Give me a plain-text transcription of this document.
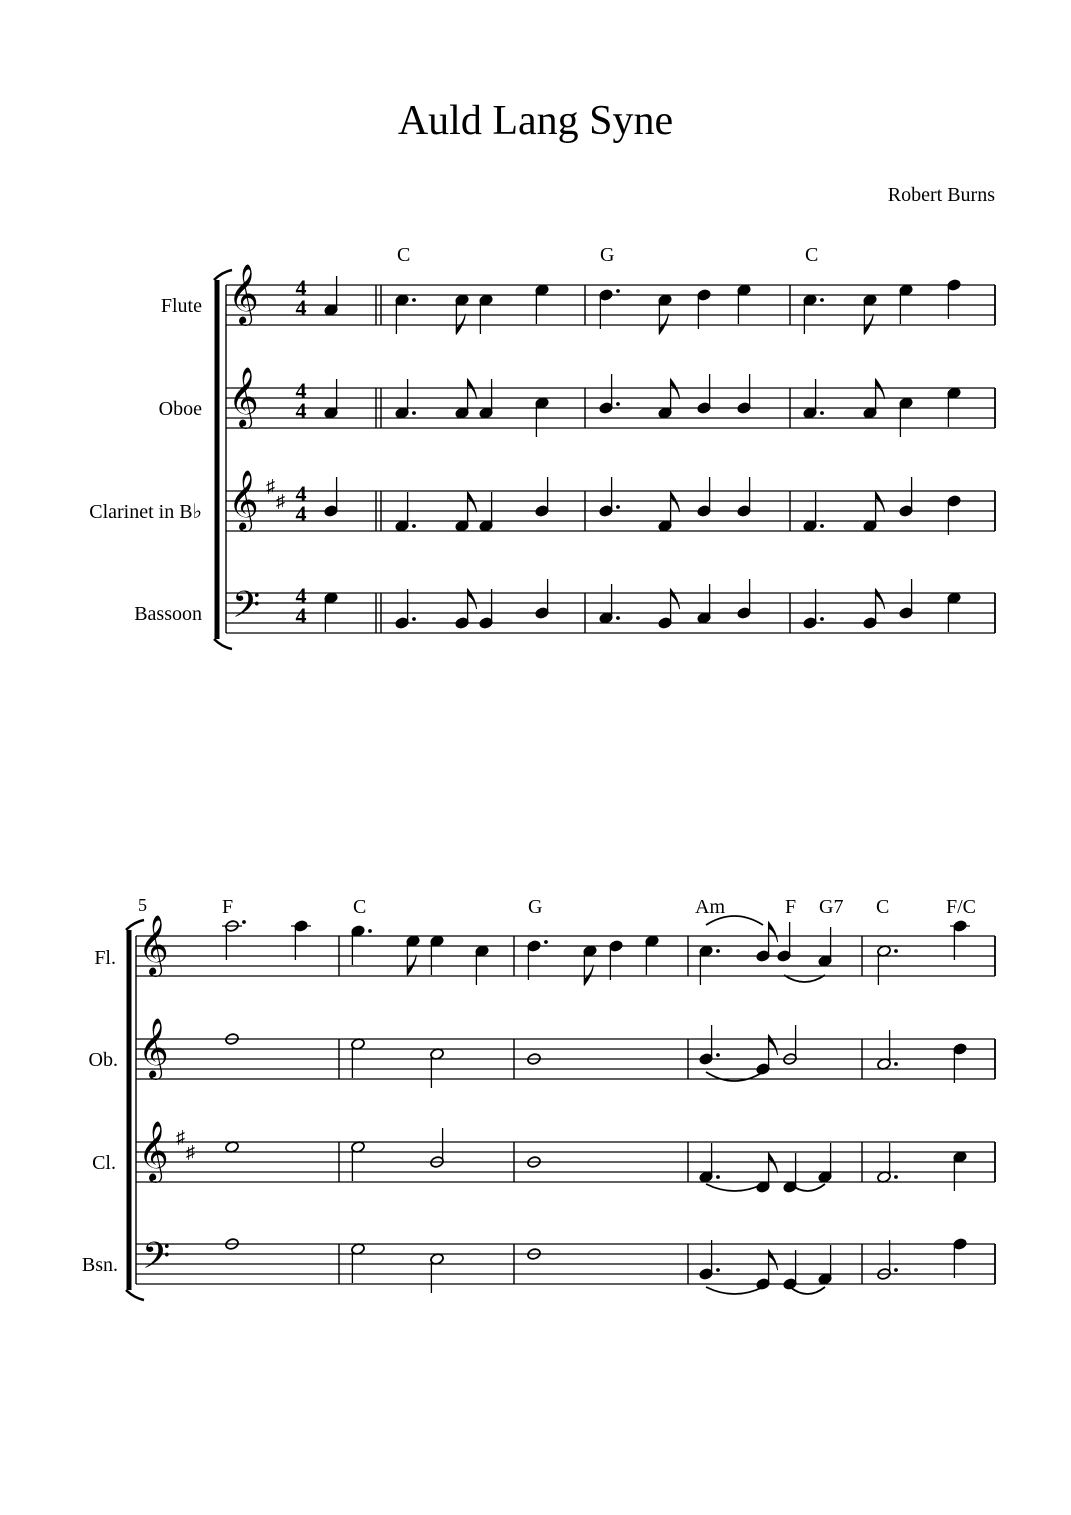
Auld Lang Syne
Robert Burns
Flute
Oboe
Clarinet in B♭
Bassoon
C	G	C
5
Fl.
Ob.
Cl.
Bsn.
F	C	G	Am	F G7 C	F/C
4
4
4
4
4
4
4
4
𝄞
𝄞
𝄞
𝄢
♯
♯
𝄞
𝄞
𝄞
𝄢
♯
♯
